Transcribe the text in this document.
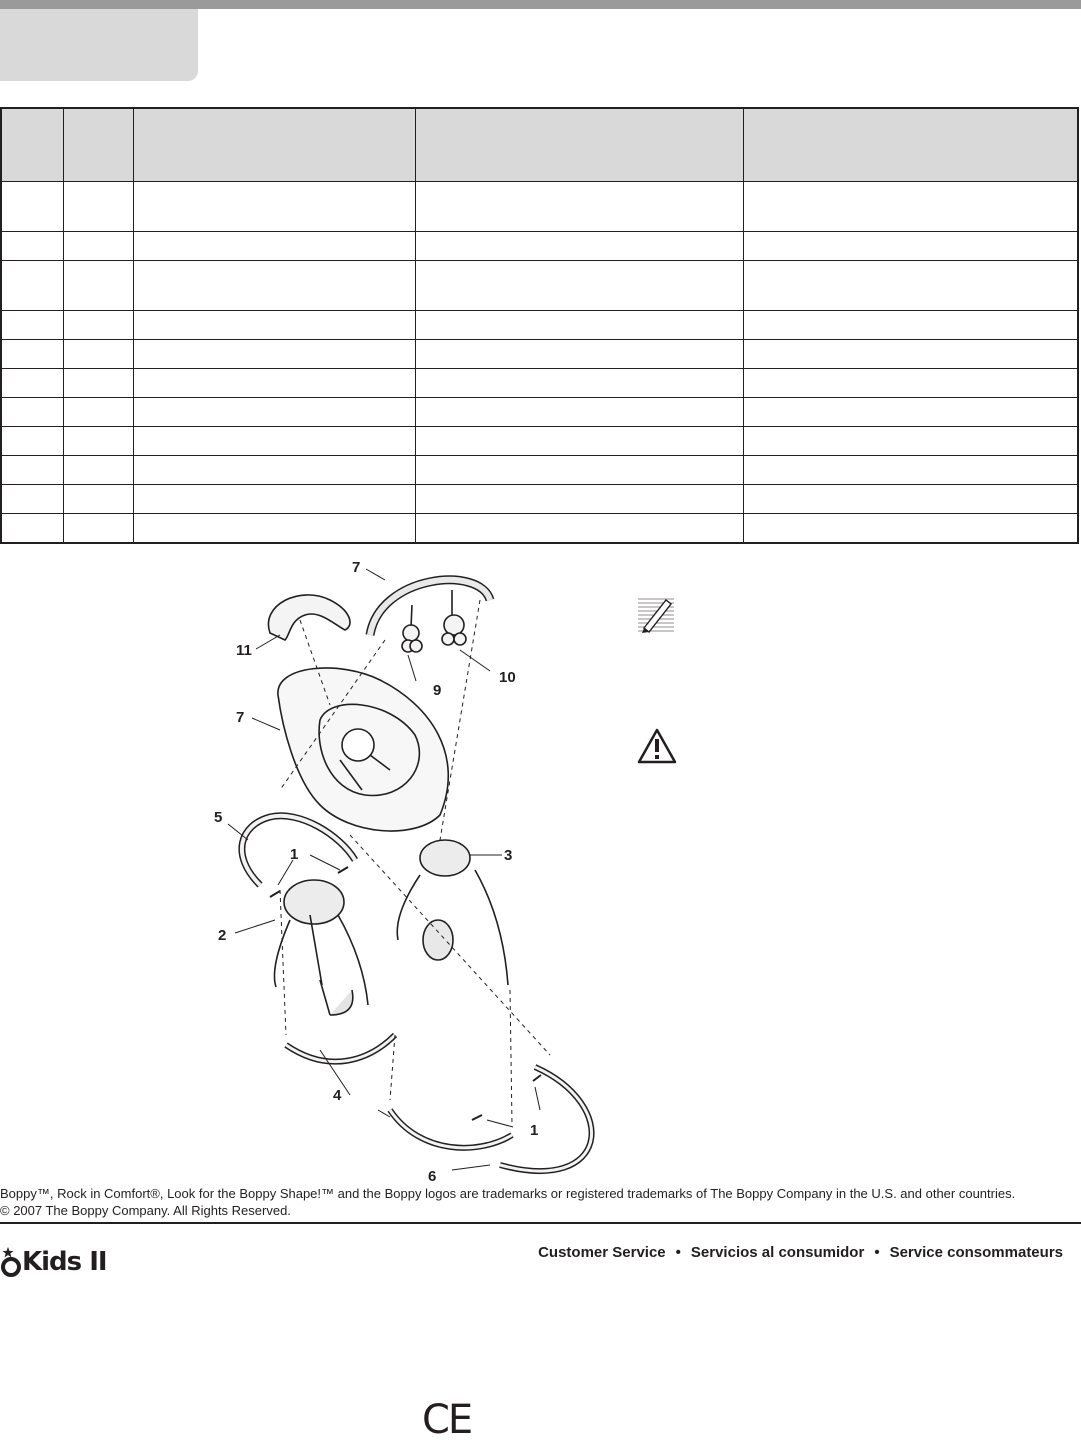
7
11
9
10
7
5
1	3
2
4
1
6
Boppy™, Rock in Comfort®, Look for the Boppy Shape!™ and the Boppy logos are trademarks or registered trademarks of The Boppy Company in the U.S. and other countries.
© 2007 The Boppy Company. All Rights Reserved.
Kids II	Customer Service • Servicios al consumidor • Service consommateurs
CE
